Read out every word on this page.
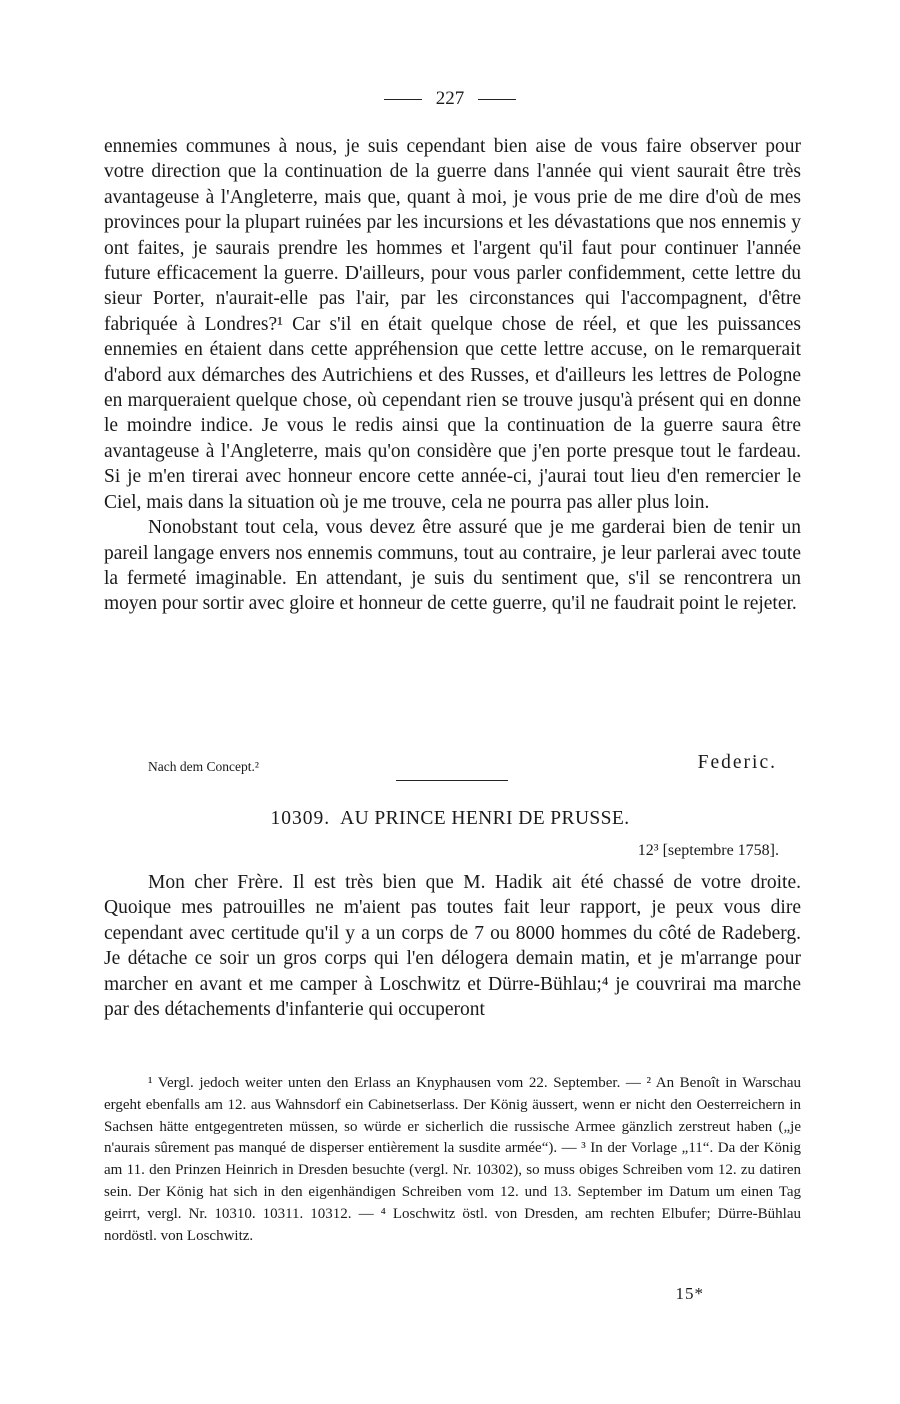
227

ennemies communes à nous, je suis cependant bien aise de vous faire observer pour votre direction que la continuation de la guerre dans l'année qui vient saurait être très avantageuse à l'Angleterre, mais que, quant à moi, je vous prie de me dire d'où de mes provinces pour la plupart ruinées par les incursions et les dévastations que nos ennemis y ont faites, je saurais prendre les hommes et l'argent qu'il faut pour continuer l'année future efficacement la guerre. D'ailleurs, pour vous parler confidemment, cette lettre du sieur Porter, n'aurait-elle pas l'air, par les circonstances qui l'accompagnent, d'être fabriquée à Londres?¹ Car s'il en était quelque chose de réel, et que les puissances ennemies en étaient dans cette appréhension que cette lettre accuse, on le remarquerait d'abord aux démarches des Autrichiens et des Russes, et d'ailleurs les lettres de Pologne en marqueraient quelque chose, où cependant rien se trouve jusqu'à présent qui en donne le moindre indice. Je vous le redis ainsi que la continuation de la guerre saura être avantageuse à l'Angleterre, mais qu'on considère que j'en porte presque tout le fardeau. Si je m'en tirerai avec honneur encore cette année-ci, j'aurai tout lieu d'en remercier le Ciel, mais dans la situation où je me trouve, cela ne pourra pas aller plus loin.

Nonobstant tout cela, vous devez être assuré que je me garderai bien de tenir un pareil langage envers nos ennemis communs, tout au contraire, je leur parlerai avec toute la fermeté imaginable. En attendant, je suis du sentiment que, s'il se rencontrera un moyen pour sortir avec gloire et honneur de cette guerre, qu'il ne faudrait point le rejeter.

Nach dem Concept.²	Federic.
10309. AU PRINCE HENRI DE PRUSSE.
12³ [septembre 1758].

Mon cher Frère. Il est très bien que M. Hadik ait été chassé de votre droite. Quoique mes patrouilles ne m'aient pas toutes fait leur rapport, je peux vous dire cependant avec certitude qu'il y a un corps de 7 ou 8000 hommes du côté de Radeberg. Je détache ce soir un gros corps qui l'en délogera demain matin, et je m'arrange pour marcher en avant et me camper à Loschwitz et Dürre-Bühlau;⁴ je couvrirai ma marche par des détachements d'infanterie qui occuperont

¹ Vergl. jedoch weiter unten den Erlass an Knyphausen vom 22. September. — ² An Benoît in Warschau ergeht ebenfalls am 12. aus Wahnsdorf ein Cabinetserlass. Der König äussert, wenn er nicht den Oesterreichern in Sachsen hätte entgegentreten müssen, so würde er sicherlich die russische Armee gänzlich zerstreut haben („je n'aurais sûrement pas manqué de disperser entièrement la susdite armée“). — ³ In der Vorlage „11“. Da der König am 11. den Prinzen Heinrich in Dresden besuchte (vergl. Nr. 10302), so muss obiges Schreiben vom 12. zu datiren sein. Der König hat sich in den eigenhändigen Schreiben vom 12. und 13. September im Datum um einen Tag geirrt, vergl. Nr. 10310. 10311. 10312. — ⁴ Loschwitz östl. von Dresden, am rechten Elbufer; Dürre-Bühlau nordöstl. von Loschwitz.

15*
